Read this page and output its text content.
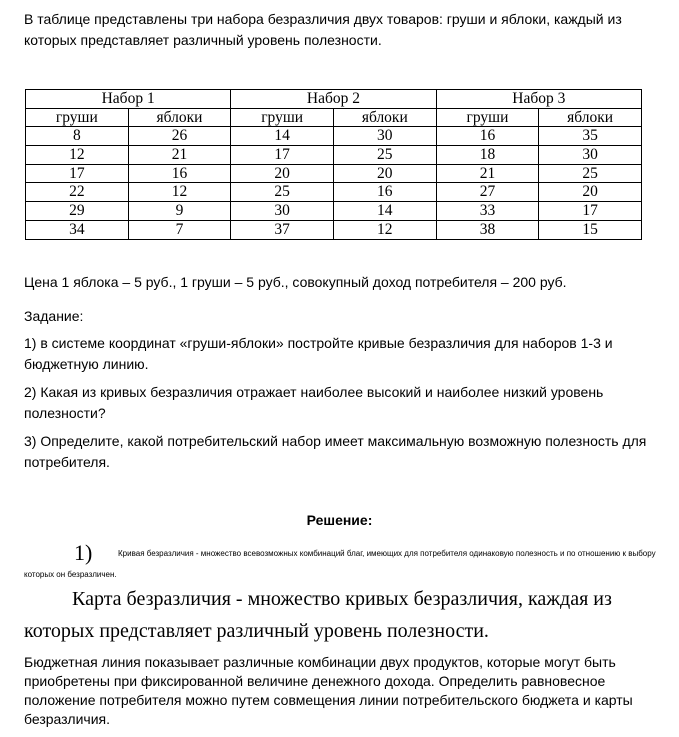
В таблице представлены три набора безразличия двух товаров: груши и яблоки, каждый из которых представляет различный уровень полезности.

Набор 1		Набор 2		Набор 3	
груши	яблоки	груши	яблоки	груши	яблоки
8	26	14	30	16	35
12	21	17	25	18	30
17	16	20	20	21	25
22	12	25	16	27	20
29	9	30	14	33	17
34	7	37	12	38	15

Цена 1 яблока – 5 руб., 1 груши – 5 руб., совокупный доход потребителя – 200 руб.

Задание:

1) в системе координат «груши-яблоки» постройте кривые безразличия для наборов 1-3 и бюджетную линию.

2) Какая из кривых безразличия отражает наиболее высокий и наиболее низкий уровень полезности?

3) Определите, какой потребительский набор имеет максимальную возможную полезность для потребителя.

Решение:

1)	Кривая безразличия - множество всевозможных комбинаций благ, имеющих для потребителя одинаковую полезность и по отношению к выбору

которых он безразличен.

Карта безразличия - множество кривых безразличия, каждая из которых представляет различный уровень полезности.

Бюджетная линия показывает различные комбинации двух продуктов, которые могут быть приобретены при фиксированной величине денежного дохода. Определить равновесное положение потребителя можно путем совмещения линии потребительского бюджета и карты безразличия.
